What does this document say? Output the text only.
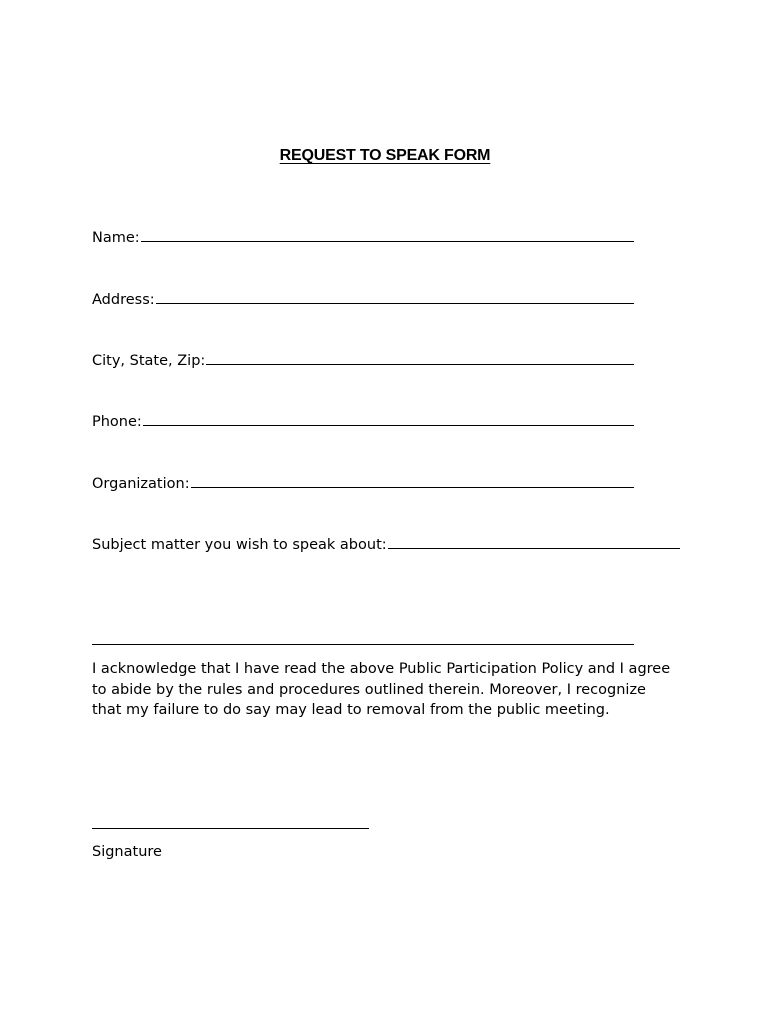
REQUEST TO SPEAK FORM
Name:
Address:
City, State, Zip:
Phone:
Organization:
Subject matter you wish to speak about:
I acknowledge that I have read the above Public Participation Policy and I agree to abide by the rules and procedures outlined therein. Moreover, I recognize that my failure to do say may lead to removal from the public meeting.
Signature
